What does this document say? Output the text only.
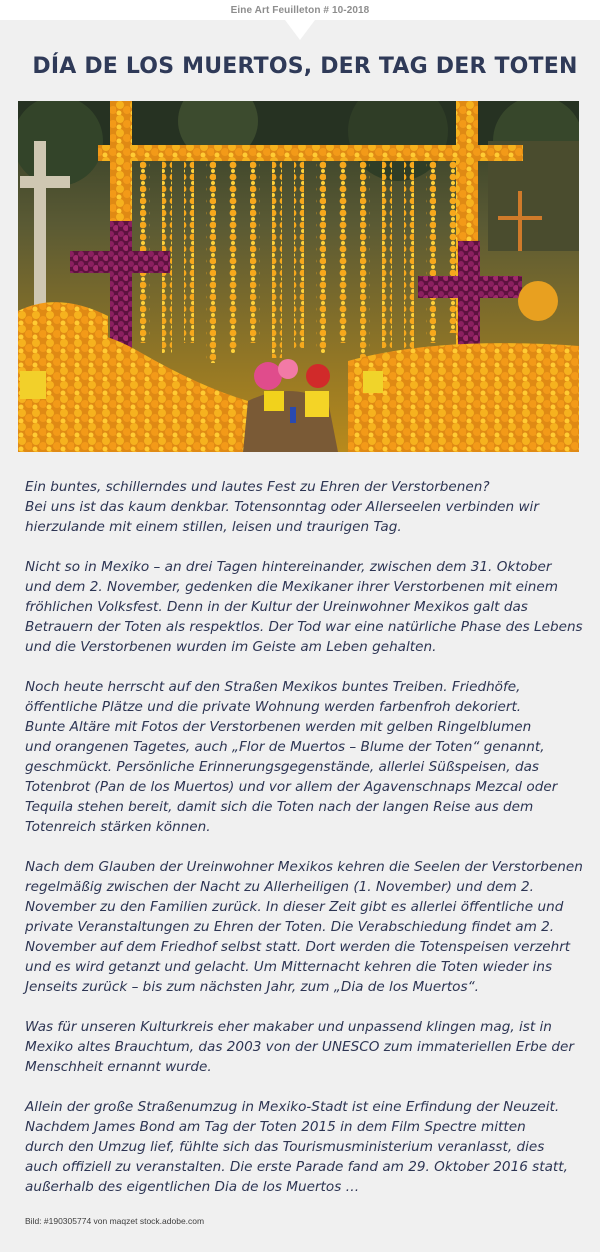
Eine Art Feuilleton # 10-2018
DÍA DE LOS MUERTOS, DER TAG DER TOTEN

Ein buntes, schillerndes und lautes Fest zu Ehren der Verstorbenen?
Bei uns ist das kaum denkbar. Totensonntag oder Allerseelen verbinden wir
hierzulande mit einem stillen, leisen und traurigen Tag.

Nicht so in Mexiko – an drei Tagen hintereinander, zwischen dem 31. Oktober
und dem 2. November, gedenken die Mexikaner ihrer Verstorbenen mit einem
fröhlichen Volksfest. Denn in der Kultur der Ureinwohner Mexikos galt das
Betrauern der Toten als respektlos. Der Tod war eine natürliche Phase des Lebens
und die Verstorbenen wurden im Geiste am Leben gehalten.

Noch heute herrscht auf den Straßen Mexikos buntes Treiben. Friedhöfe,
öffentliche Plätze und die private Wohnung werden farbenfroh dekoriert.
Bunte Altäre mit Fotos der Verstorbenen werden mit gelben Ringelblumen
und orangenen Tagetes, auch „Flor de Muertos – Blume der Toten“ genannt,
geschmückt. Persönliche Erinnerungsgegenstände, allerlei Süßspeisen, das
Totenbrot (Pan de los Muertos) und vor allem der Agavenschnaps Mezcal oder
Tequila stehen bereit, damit sich die Toten nach der langen Reise aus dem
Totenreich stärken können.

Nach dem Glauben der Ureinwohner Mexikos kehren die Seelen der Verstorbenen
regelmäßig zwischen der Nacht zu Allerheiligen (1. November) und dem 2.
November zu den Familien zurück. In dieser Zeit gibt es allerlei öffentliche und
private Veranstaltungen zu Ehren der Toten. Die Verabschiedung findet am 2.
November auf dem Friedhof selbst statt. Dort werden die Totenspeisen verzehrt
und es wird getanzt und gelacht. Um Mitternacht kehren die Toten wieder ins
Jenseits zurück – bis zum nächsten Jahr, zum „Dia de los Muertos“.

Was für unseren Kulturkreis eher makaber und unpassend klingen mag, ist in
Mexiko altes Brauchtum, das 2003 von der UNESCO zum immateriellen Erbe der
Menschheit ernannt wurde.

Allein der große Straßenumzug in Mexiko-Stadt ist eine Erfindung der Neuzeit.
Nachdem James Bond am Tag der Toten 2015 in dem Film Spectre mitten
durch den Umzug lief, fühlte sich das Tourismusministerium veranlasst, dies
auch offiziell zu veranstalten. Die erste Parade fand am 29. Oktober 2016 statt,
außerhalb des eigentlichen Dia de los Muertos …

Bild: #190305774 von maqzet stock.adobe.com
